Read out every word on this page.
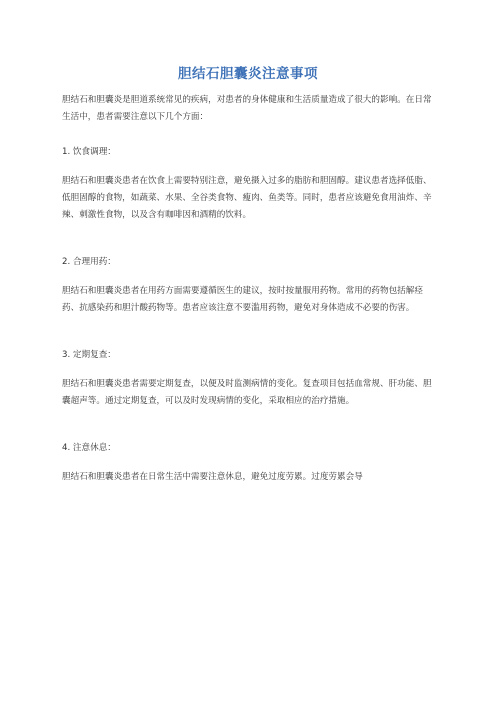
胆结石胆囊炎注意事项

胆结石和胆囊炎是胆道系统常见的疾病，对患者的身体健康和生活质量造成了很大的影响。在日常生活中，患者需要注意以下几个方面：

1. 饮食调理：

胆结石和胆囊炎患者在饮食上需要特别注意，避免摄入过多的脂肪和胆固醇。建议患者选择低脂、低胆固醇的食物，如蔬菜、水果、全谷类食物、瘦肉、鱼类等。同时，患者应该避免食用油炸、辛辣、刺激性食物，以及含有咖啡因和酒精的饮料。

2. 合理用药：

胆结石和胆囊炎患者在用药方面需要遵循医生的建议，按时按量服用药物。常用的药物包括解痉药、抗感染药和胆汁酸药物等。患者应该注意不要滥用药物，避免对身体造成不必要的伤害。

3. 定期复查：

胆结石和胆囊炎患者需要定期复查，以便及时监测病情的变化。复查项目包括血常规、肝功能、胆囊超声等。通过定期复查，可以及时发现病情的变化，采取相应的治疗措施。

4. 注意休息：

胆结石和胆囊炎患者在日常生活中需要注意休息，避免过度劳累。过度劳累会导
